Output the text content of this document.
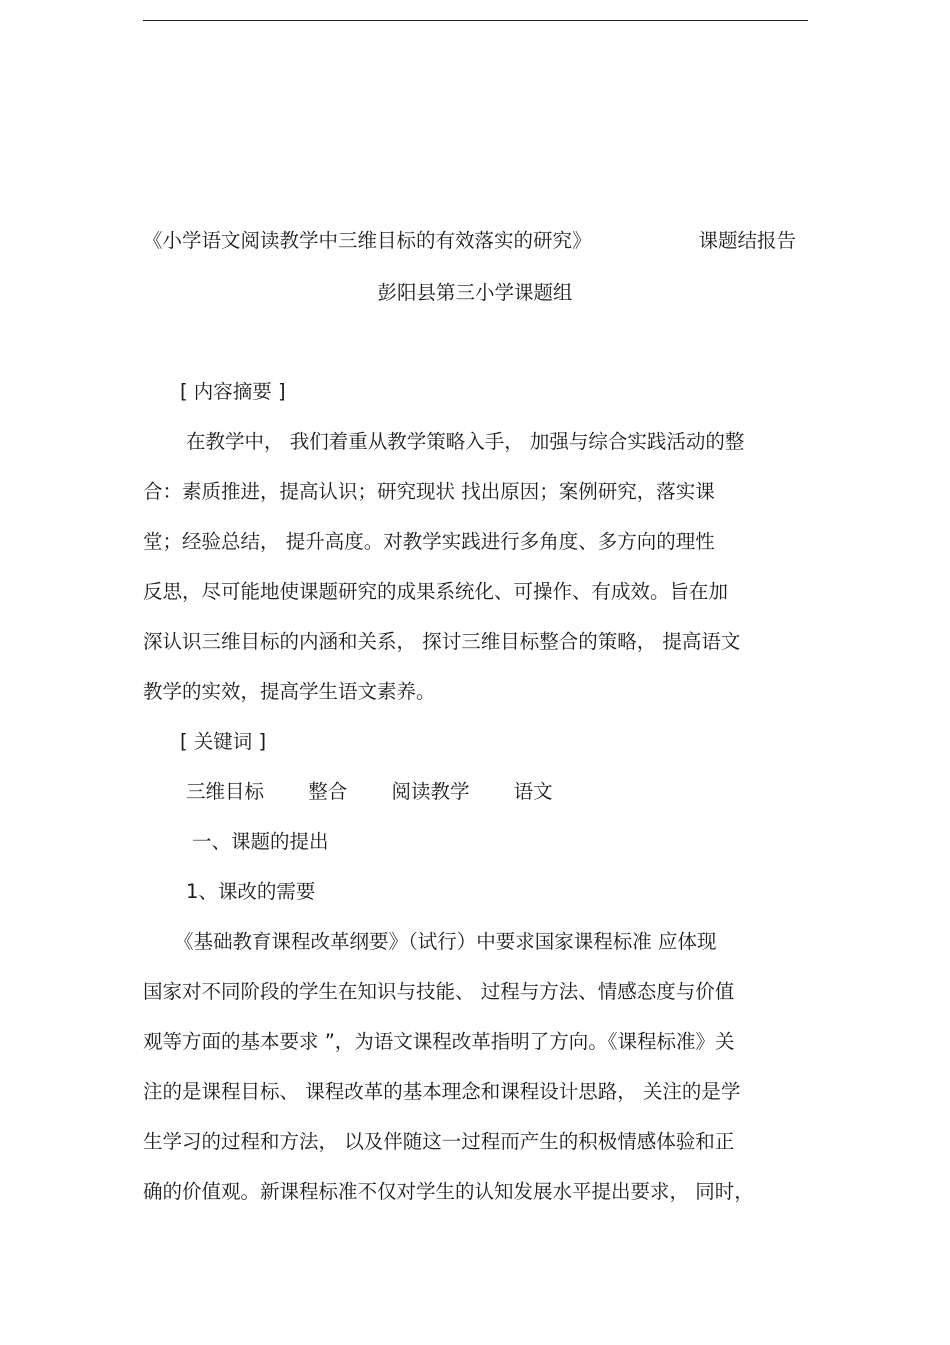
《小学语文阅读教学中三维目标的有效落实的研究》	课题结报告
彭阳县第三小学课题组
[ 内容摘要 ]
在教学中， 我们着重从教学策略入手， 加强与综合实践活动的整
合：素质推进，提高认识；研究现状 找出原因；案例研究，落实课
堂；经验总结， 提升高度。对教学实践进行多角度、多方向的理性
反思，尽可能地使课题研究的成果系统化、可操作、有成效。旨在加
深认识三维目标的内涵和关系， 探讨三维目标整合的策略， 提高语文
教学的实效，提高学生语文素养。
[ 关键词 ]
三维目标 整合 阅读教学 语文
一、课题的提出
1、课改的需要
《基础教育课程改革纲要》（试行）中要求国家课程标准 应体现
国家对不同阶段的学生在知识与技能、 过程与方法、情感态度与价值
观等方面的基本要求 ”，为语文课程改革指明了方向。《课程标准》关
注的是课程目标、 课程改革的基本理念和课程设计思路， 关注的是学
生学习的过程和方法， 以及伴随这一过程而产生的积极情感体验和正
确的价值观。新课程标准不仅对学生的认知发展水平提出要求， 同时，
